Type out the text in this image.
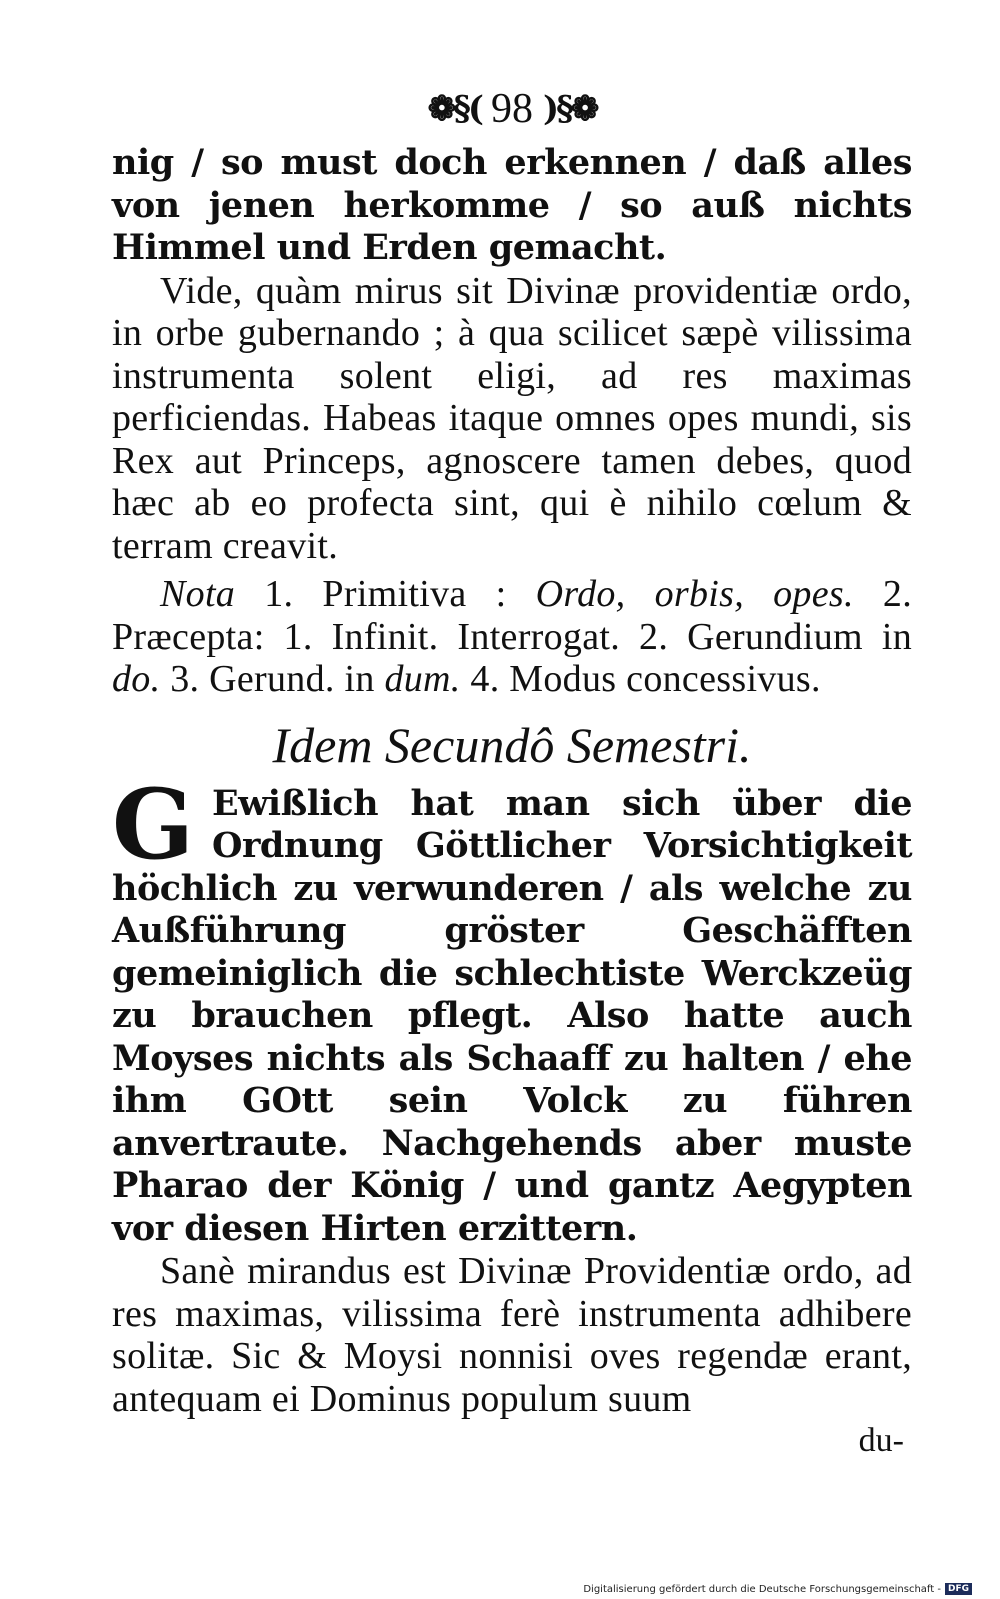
❁§( 98 )§❁

nig / so must doch erkennen / daß alles von jenen herkomme / so auß nichts Himmel und Erden gemacht.

Vide, quàm mirus sit Divinæ providentiæ ordo, in orbe gubernando ; à qua scilicet sæpè vilissima instrumenta solent eligi, ad res maximas perficiendas. Habeas itaque omnes opes mundi, sis Rex aut Princeps, agnoscere tamen debes, quod hæc ab eo profecta sint, qui è nihilo cœlum & terram creavit.

Nota 1. Primitiva : Ordo, orbis, opes. 2. Præcepta: 1. Infinit. Interrogat. 2. Gerundium in do. 3. Gerund. in dum. 4. Modus concessivus.

Idem Secundô Semestri.
G Ewißlich hat man sich über die Ordnung Göttlicher Vorsichtigkeit höchlich zu verwunderen / als welche zu Außführung gröster Geschäfften gemeiniglich die schlechtiste Werckzeüg zu brauchen pflegt. Also hatte auch Moyses nichts als Schaaff zu halten / ehe ihm GOtt sein Volck zu führen anvertraute. Nachgehends aber muste Pharao der König / und gantz Aegypten vor diesen Hirten erzittern.

Sanè mirandus est Divinæ Providentiæ ordo, ad res maximas, vilissima ferè instrumenta adhibere solitæ. Sic & Moysi nonnisi oves regendæ erant, antequam ei Dominus populum suum

du-
Digitalisierung gefördert durch die Deutsche Forschungsgemeinschaft - DFG
